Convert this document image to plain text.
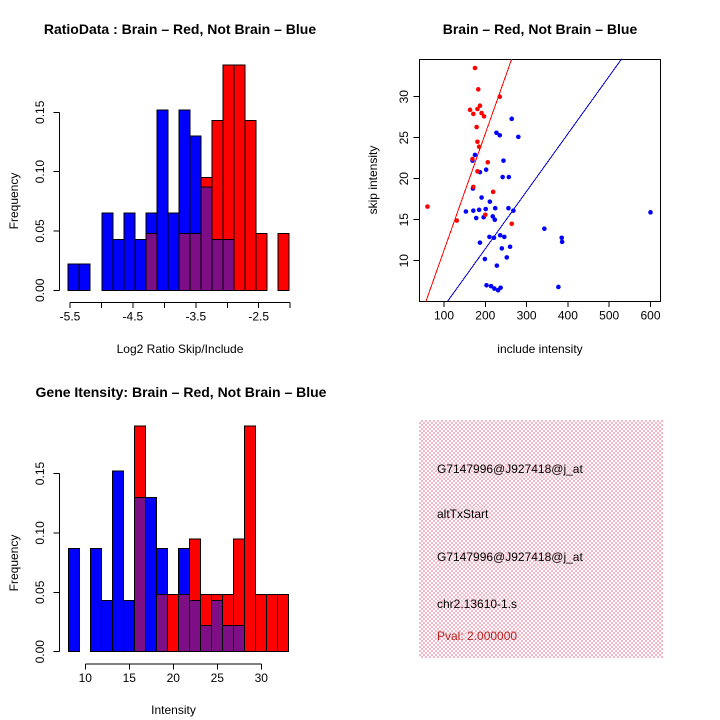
-5.5	-4.5	-3.5	-2.5
0.00
0.05
0.10
0.15
100 200 300 400 500 600
10
15
20
25
30
10	15	20	25	30
0.00
0.05
0.10
0.15
RatioData : Brain – Red, Not Brain – Blue
Log2 Ratio Skip/Include
Frequency
Brain – Red, Not Brain – Blue
include intensity
skip intensity
Gene Itensity: Brain – Red, Not Brain – Blue
Intensity
Frequency
G7147996@J927418@j_at
altTxStart
G7147996@J927418@j_at
chr2.13610-1.s
Pval: 2.000000
